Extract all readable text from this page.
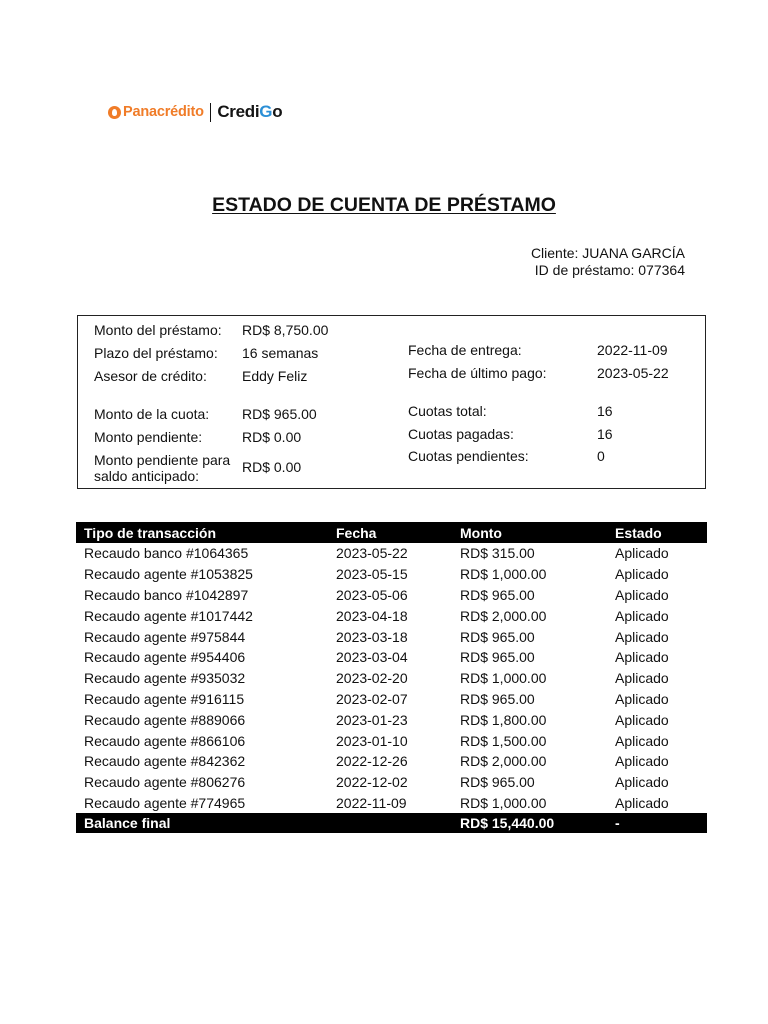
Panacrédito CrediGo
ESTADO DE CUENTA DE PRÉSTAMO
Cliente: JUANA GARCÍA
ID de préstamo: 077364
Monto del préstamo: RD$ 8,750.00
Plazo del préstamo: 16 semanas
Asesor de crédito:	Eddy Feliz
Monto de la cuota: RD$ 965.00
Monto pendiente:	RD$ 0.00
Monto pendiente para
saldo anticipado:
RD$ 0.00
Fecha de entrega:	2022-11-09
Fecha de último pago:	2023-05-22
Cuotas total:	16
Cuotas pagadas:	16
Cuotas pendientes:	0
Tipo de transacción	Fecha	Monto	Estado
Recaudo banco #1064365	2023-05-22	RD$ 315.00	Aplicado
Recaudo agente #1053825	2023-05-15	RD$ 1,000.00	Aplicado
Recaudo banco #1042897	2023-05-06	RD$ 965.00	Aplicado
Recaudo agente #1017442	2023-04-18	RD$ 2,000.00	Aplicado
Recaudo agente #975844	2023-03-18	RD$ 965.00	Aplicado
Recaudo agente #954406	2023-03-04	RD$ 965.00	Aplicado
Recaudo agente #935032	2023-02-20	RD$ 1,000.00	Aplicado
Recaudo agente #916115	2023-02-07	RD$ 965.00	Aplicado
Recaudo agente #889066	2023-01-23	RD$ 1,800.00	Aplicado
Recaudo agente #866106	2023-01-10	RD$ 1,500.00	Aplicado
Recaudo agente #842362	2022-12-26	RD$ 2,000.00	Aplicado
Recaudo agente #806276	2022-12-02	RD$ 965.00	Aplicado
Recaudo agente #774965	2022-11-09	RD$ 1,000.00	Aplicado
Balance final		RD$ 15,440.00	-
